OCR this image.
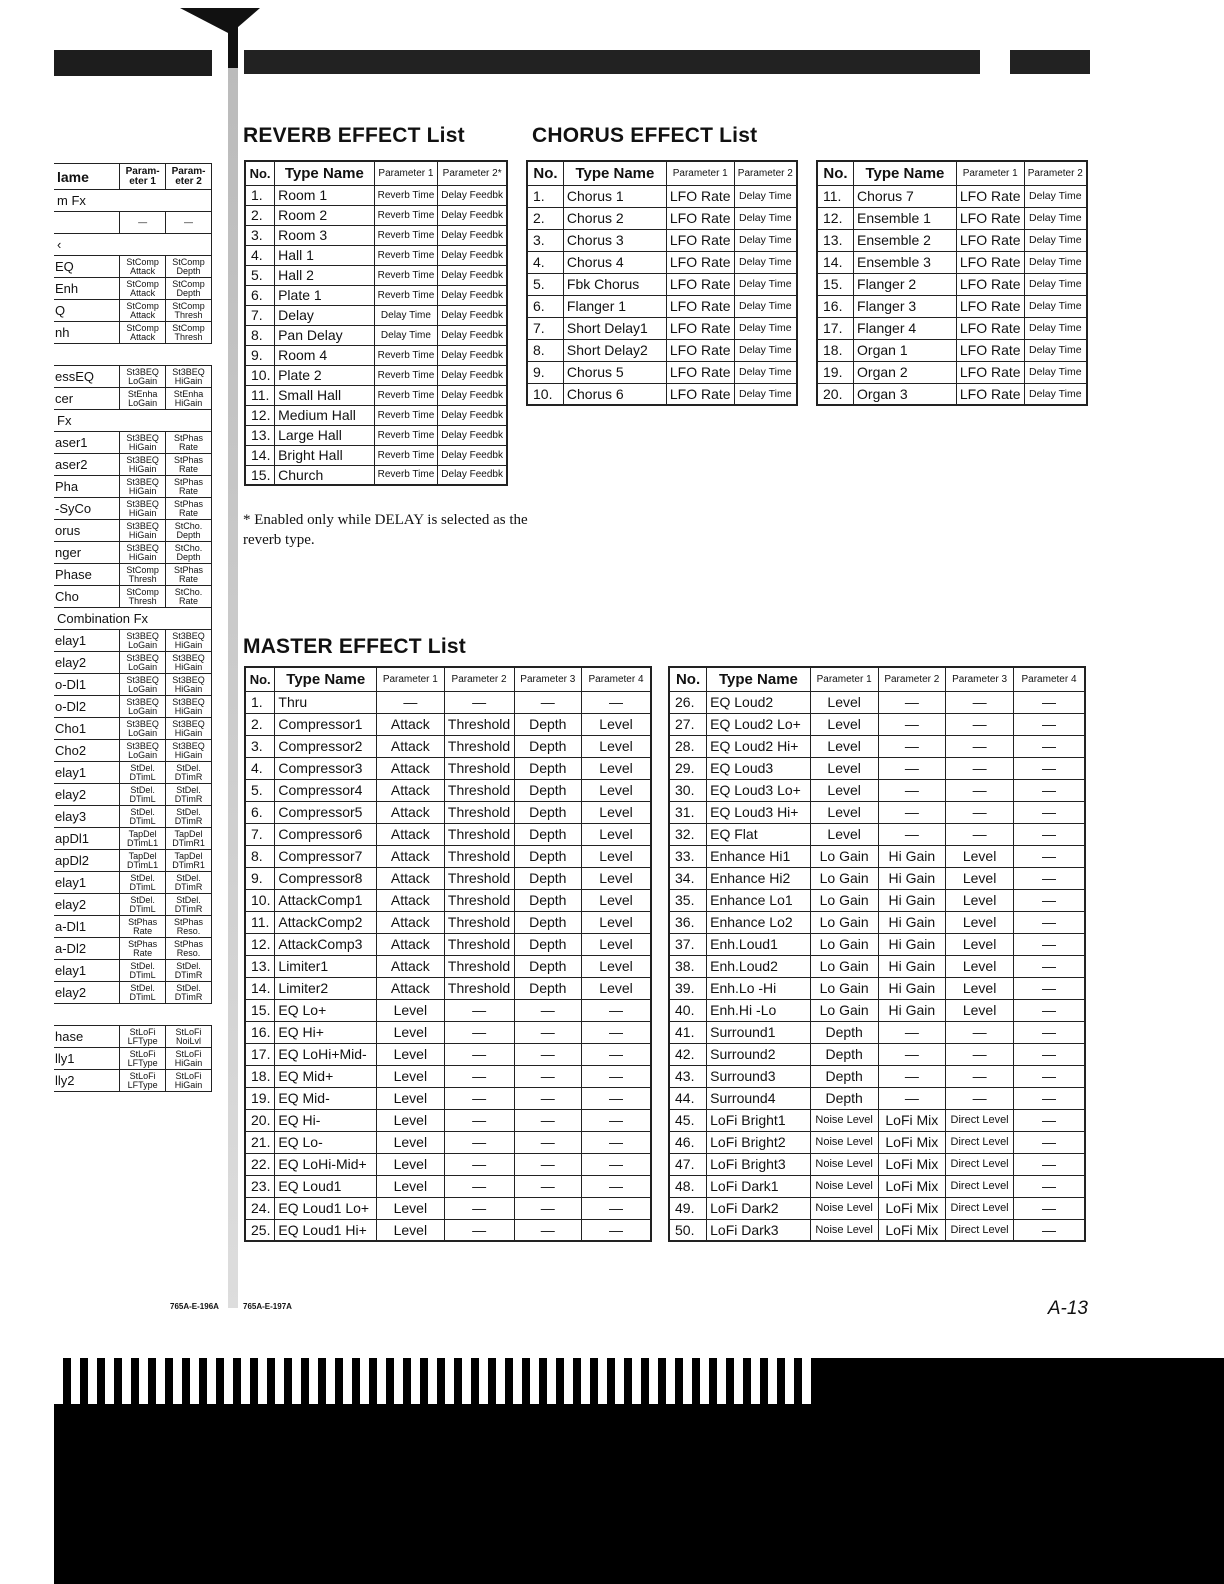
lame	Param-eter 1	Param-eter 2
m Fx		
	—	—
‹		
EQ	StComp Attack	StComp Depth
Enh	StComp Attack	StComp Depth
Q	StComp Attack	StComp Thresh
nh	StComp Attack	StComp Thresh

essEQ	St3BEQ LoGain	St3BEQ HiGain
cer	StEnha LoGain	StEnha HiGain
Fx		
aser1	St3BEQ HiGain	StPhas Rate
aser2	St3BEQ HiGain	StPhas Rate
Pha	St3BEQ HiGain	StPhas Rate
-SyCo	St3BEQ HiGain	StPhas Rate
orus	St3BEQ HiGain	StCho. Depth
nger	St3BEQ HiGain	StCho. Depth
Phase	StComp Thresh	StPhas Rate
Cho	StComp Thresh	StCho. Rate
Combination Fx		
elay1	St3BEQ LoGain	St3BEQ HiGain
elay2	St3BEQ LoGain	St3BEQ HiGain
o-Dl1	St3BEQ LoGain	St3BEQ HiGain
o-Dl2	St3BEQ LoGain	St3BEQ HiGain
Cho1	St3BEQ LoGain	St3BEQ HiGain
Cho2	St3BEQ LoGain	St3BEQ HiGain
elay1	StDel. DTimL	StDel. DTimR
elay2	StDel. DTimL	StDel. DTimR
elay3	StDel. DTimL	StDel. DTimR
apDl1	TapDel DTimL1	TapDel DTimR1
apDl2	TapDel DTimL1	TapDel DTimR1
elay1	StDel. DTimL	StDel. DTimR
elay2	StDel. DTimL	StDel. DTimR
a-Dl1	StPhas Rate	StPhas Reso.
a-Dl2	StPhas Rate	StPhas Reso.
elay1	StDel. DTimL	StDel. DTimR
elay2	StDel. DTimL	StDel. DTimR

hase	StLoFi LFType	StLoFi NoiLvl
lly1	StLoFi LFType	StLoFi HiGain
lly2	StLoFi LFType	StLoFi HiGain
REVERB EFFECT List
No.	Type Name	Parameter 1	Parameter 2*
1.	Room 1	Reverb Time	Delay Feedbk
2.	Room 2	Reverb Time	Delay Feedbk
3.	Room 3	Reverb Time	Delay Feedbk
4.	Hall 1	Reverb Time	Delay Feedbk
5.	Hall 2	Reverb Time	Delay Feedbk
6.	Plate 1	Reverb Time	Delay Feedbk
7.	Delay	Delay Time	Delay Feedbk
8.	Pan Delay	Delay Time	Delay Feedbk
9.	Room 4	Reverb Time	Delay Feedbk
10.	Plate 2	Reverb Time	Delay Feedbk
11.	Small Hall	Reverb Time	Delay Feedbk
12.	Medium Hall	Reverb Time	Delay Feedbk
13.	Large Hall	Reverb Time	Delay Feedbk
14.	Bright Hall	Reverb Time	Delay Feedbk
15.	Church	Reverb Time	Delay Feedbk
* Enabled only while DELAY is selected as the reverb type.
CHORUS EFFECT List
No.	Type Name	Parameter 1	Parameter 2
1.	Chorus 1	LFO Rate	Delay Time
2.	Chorus 2	LFO Rate	Delay Time
3.	Chorus 3	LFO Rate	Delay Time
4.	Chorus 4	LFO Rate	Delay Time
5.	Fbk Chorus	LFO Rate	Delay Time
6.	Flanger 1	LFO Rate	Delay Time
7.	Short Delay1	LFO Rate	Delay Time
8.	Short Delay2	LFO Rate	Delay Time
9.	Chorus 5	LFO Rate	Delay Time
10.	Chorus 6	LFO Rate	Delay Time
No.	Type Name	Parameter 1	Parameter 2
11.	Chorus 7	LFO Rate	Delay Time
12.	Ensemble 1	LFO Rate	Delay Time
13.	Ensemble 2	LFO Rate	Delay Time
14.	Ensemble 3	LFO Rate	Delay Time
15.	Flanger 2	LFO Rate	Delay Time
16.	Flanger 3	LFO Rate	Delay Time
17.	Flanger 4	LFO Rate	Delay Time
18.	Organ 1	LFO Rate	Delay Time
19.	Organ 2	LFO Rate	Delay Time
20.	Organ 3	LFO Rate	Delay Time
MASTER EFFECT List
No.	Type Name	Parameter 1	Parameter 2	Parameter 3	Parameter 4
1.	Thru	—	—	—	—
2.	Compressor1	Attack	Threshold	Depth	Level
3.	Compressor2	Attack	Threshold	Depth	Level
4.	Compressor3	Attack	Threshold	Depth	Level
5.	Compressor4	Attack	Threshold	Depth	Level
6.	Compressor5	Attack	Threshold	Depth	Level
7.	Compressor6	Attack	Threshold	Depth	Level
8.	Compressor7	Attack	Threshold	Depth	Level
9.	Compressor8	Attack	Threshold	Depth	Level
10.	AttackComp1	Attack	Threshold	Depth	Level
11.	AttackComp2	Attack	Threshold	Depth	Level
12.	AttackComp3	Attack	Threshold	Depth	Level
13.	Limiter1	Attack	Threshold	Depth	Level
14.	Limiter2	Attack	Threshold	Depth	Level
15.	EQ Lo+	Level	—	—	—
16.	EQ Hi+	Level	—	—	—
17.	EQ LoHi+Mid-	Level	—	—	—
18.	EQ Mid+	Level	—	—	—
19.	EQ Mid-	Level	—	—	—
20.	EQ Hi-	Level	—	—	—
21.	EQ Lo-	Level	—	—	—
22.	EQ LoHi-Mid+	Level	—	—	—
23.	EQ Loud1	Level	—	—	—
24.	EQ Loud1 Lo+	Level	—	—	—
25.	EQ Loud1 Hi+	Level	—	—	—
No.	Type Name	Parameter 1	Parameter 2	Parameter 3	Parameter 4
26.	EQ Loud2	Level	—	—	—
27.	EQ Loud2 Lo+	Level	—	—	—
28.	EQ Loud2 Hi+	Level	—	—	—
29.	EQ Loud3	Level	—	—	—
30.	EQ Loud3 Lo+	Level	—	—	—
31.	EQ Loud3 Hi+	Level	—	—	—
32.	EQ Flat	Level	—	—	—
33.	Enhance Hi1	Lo Gain	Hi Gain	Level	—
34.	Enhance Hi2	Lo Gain	Hi Gain	Level	—
35.	Enhance Lo1	Lo Gain	Hi Gain	Level	—
36.	Enhance Lo2	Lo Gain	Hi Gain	Level	—
37.	Enh.Loud1	Lo Gain	Hi Gain	Level	—
38.	Enh.Loud2	Lo Gain	Hi Gain	Level	—
39.	Enh.Lo -Hi	Lo Gain	Hi Gain	Level	—
40.	Enh.Hi -Lo	Lo Gain	Hi Gain	Level	—
41.	Surround1	Depth	—	—	—
42.	Surround2	Depth	—	—	—
43.	Surround3	Depth	—	—	—
44.	Surround4	Depth	—	—	—
45.	LoFi Bright1	Noise Level	LoFi Mix	Direct Level	—
46.	LoFi Bright2	Noise Level	LoFi Mix	Direct Level	—
47.	LoFi Bright3	Noise Level	LoFi Mix	Direct Level	—
48.	LoFi Dark1	Noise Level	LoFi Mix	Direct Level	—
49.	LoFi Dark2	Noise Level	LoFi Mix	Direct Level	—
50.	LoFi Dark3	Noise Level	LoFi Mix	Direct Level	—
765A-E-196A	765A-E-197A	A-13
